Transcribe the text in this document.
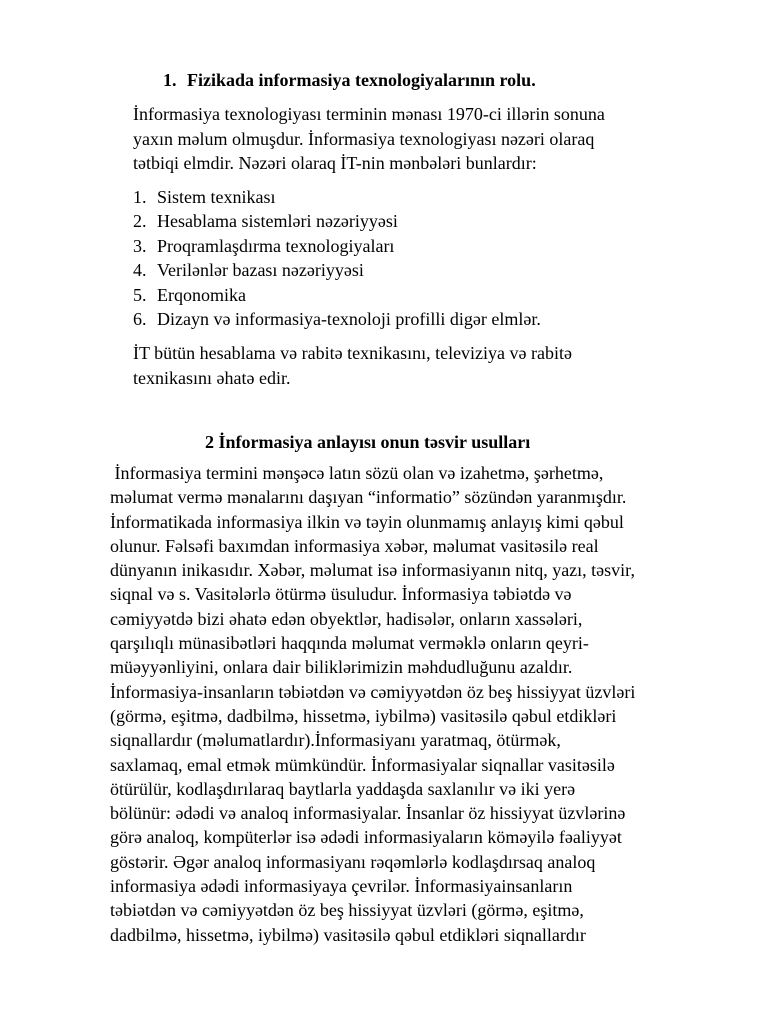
1. Fizikada informasiya texnologiyalarının rolu.
İnformasiya texnologiyası terminin mənası 1970-ci illərin sonuna
yaxın məlum olmuşdur. İnformasiya texnologiyası nəzəri olaraq
tətbiqi elmdir. Nəzəri olaraq İT-nin mənbələri bunlardır:
1. Sistem texnikası
2. Hesablama sistemləri nəzəriyyəsi
3. Proqramlaşdırma texnologiyaları
4. Verilənlər bazası nəzəriyyəsi
5. Erqonomika
6. Dizayn və informasiya-texnoloji profilli digər elmlər.
İT bütün hesablama və rabitə texnikasını, televiziya və rabitə
texnikasını əhatə edir.
2 İnformasiya anlayısı onun təsvir usulları
İnformasiya termini mənşəcə latın sözü olan və izahetmə, şərhetmə,
məlumat vermə mənalarını daşıyan “informatio” sözündən yaranmışdır.
İnformatikada informasiya ilkin və təyin olunmamış anlayış kimi qəbul
olunur. Fəlsəfi baxımdan informasiya xəbər, məlumat vasitəsilə real
dünyanın inikasıdır. Xəbər, məlumat isə informasiyanın nitq, yazı, təsvir,
siqnal və s. Vasitələrlə ötürmə üsuludur. İnformasiya təbiətdə və
cəmiyyətdə bizi əhatə edən obyektlər, hadisələr, onların xassələri,
qarşılıqlı münasibətləri haqqında məlumat verməklə onların qeyri-
müəyyənliyini, onlara dair biliklərimizin məhdudluğunu azaldır.
İnformasiya-insanların təbiətdən və cəmiyyətdən öz beş hissiyyat üzvləri
(görmə, eşitmə, dadbilmə, hissetmə, iybilmə) vasitəsilə qəbul etdikləri
siqnallardır (məlumatlardır).İnformasiyanı yaratmaq, ötürmək,
saxlamaq, emal etmək mümkündür. İnformasiyalar siqnallar vasitəsilə
ötürülür, kodlaşdırılaraq baytlarla yaddaşda saxlanılır və iki yerə
bölünür: ədədi və analoq informasiyalar. İnsanlar öz hissiyyat üzvlərinə
görə analoq, kompüterlər isə ədədi informasiyaların köməyilə fəaliyyət
göstərir. Əgər analoq informasiyanı rəqəmlərlə kodlaşdırsaq analoq
informasiya ədədi informasiyaya çevrilər. İnformasiyainsanların
təbiətdən və cəmiyyətdən öz beş hissiyyat üzvləri (görmə, eşitmə,
dadbilmə, hissetmə, iybilmə) vasitəsilə qəbul etdikləri siqnallardır
